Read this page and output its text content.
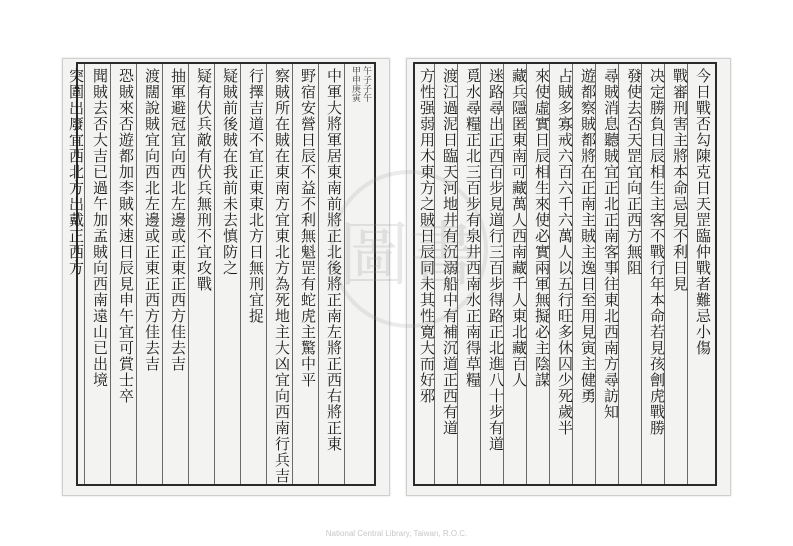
甲申庚寅 午子子午
中軍大將軍居東南前將正北後將正南左將正西右將正東
野宿安營日辰不益不利無魁罡有蛇虎主驚中平
察賊所在賊在東南方宜東北方為死地主大凶宜向西南行兵吉
行擇吉道不宜正東東北方日無刑宜捉
疑賊前後賊在我前未去慎防之
疑有伏兵敵有伏兵無刑不宜攻戰
抽軍避冠宜向西北左邊或正東正西方佳去吉
渡闊說賊宜向西北左邊或正東正西方佳去吉
恐賊來否遊都加李賊來速日辰見申午宜可賞士卒
聞賊去否大吉已過午加孟賊向西南遠山已出境
突圍出廢宜西北方出戴正西方	今日戰否勾陳克日天罡臨仲戰者難忌小傷
戰審刑害主將本命忌見不利日見
决定勝負日辰相生主客不戰行年本命若見孩劊虎戰勝
發使去否天罡宜向正西方無阻
尋賊消息聽賊宜正北正南客事往東北西南方尋訪知
遊都察賊都將在正南主賊主逸日至用見寅主健勇
占賊多寡戒六百六千六萬人以五行旺多休囚少死歲半
來使虛實日辰相生來使必實兩軍無擬必主陰謀
藏兵隱匿東南可藏萬人西南藏千人東北藏百人
迷路尋出正西百步見道行三百步得路正北進八十步有道
覓水尋糧正北三百步有泉井西南水正南得草糧
渡江過泥日臨天河地井有沉溺船中有補沉道正西有道
方性强弱用木東方之賊日辰同未其性寛大而好邪
圖書
National Central Library, Taiwan, R.O.C.
